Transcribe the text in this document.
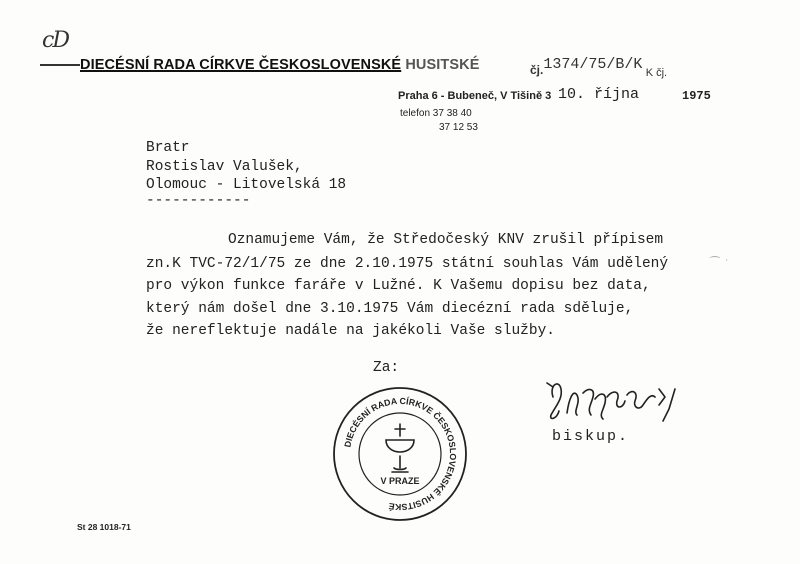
cD
DIECÉSNÍ RADA CÍRKVE ČESKOSLOVENSKÉ HUSITSKÉ	čj.1374/75/B/K K čj.
Praha 6 - Bubeneč, V Tišině 3 10. října	1975
telefon 37 38 40
37 12 53
Bratr
Rostislav Valušek,
Olomouc - Litovelská 18
------------
Oznamujeme Vám, že Středočeský KNV zrušil přípisem
zn.K TVC-72/1/75 ze dne 2.10.1975 státní souhlas Vám udělený
pro výkon funkce faráře v Lužné. K Vašemu dopisu bez data,
který nám došel dne 3.10.1975 Vám diecézní rada sděluje,
že nereflektuje nadále na jakékoli Vaše služby.
⁀ ˙
Za:
biskup.
DIECÉSNÍ RADA CÍRKVE ČESKOSLOVENSKÉ HUSITSKÉ
V PRAZE
St 28 1018-71
